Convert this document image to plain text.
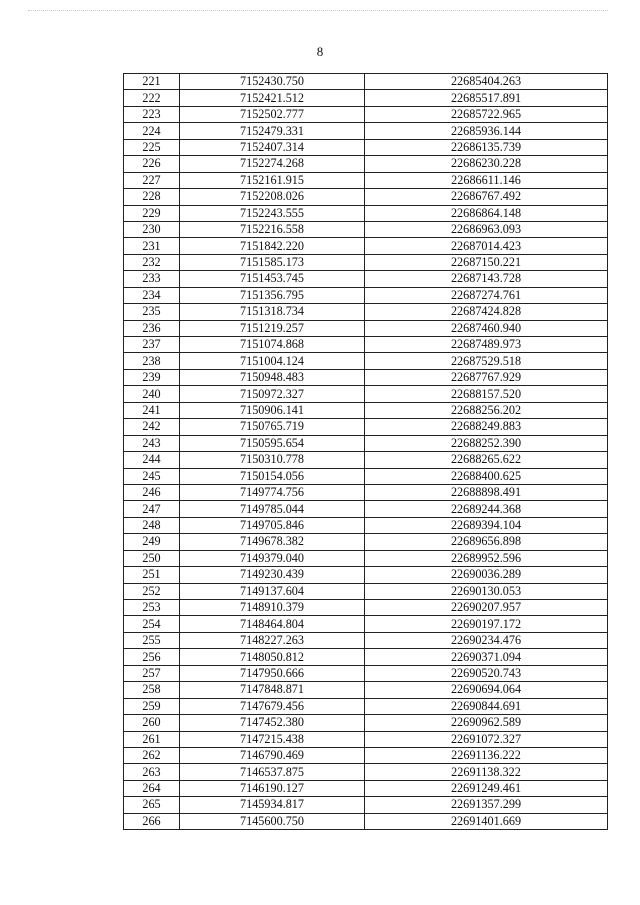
8
221	7152430.750	22685404.263
222	7152421.512	22685517.891
223	7152502.777	22685722.965
224	7152479.331	22685936.144
225	7152407.314	22686135.739
226	7152274.268	22686230.228
227	7152161.915	22686611.146
228	7152208.026	22686767.492
229	7152243.555	22686864.148
230	7152216.558	22686963.093
231	7151842.220	22687014.423
232	7151585.173	22687150.221
233	7151453.745	22687143.728
234	7151356.795	22687274.761
235	7151318.734	22687424.828
236	7151219.257	22687460.940
237	7151074.868	22687489.973
238	7151004.124	22687529.518
239	7150948.483	22687767.929
240	7150972.327	22688157.520
241	7150906.141	22688256.202
242	7150765.719	22688249.883
243	7150595.654	22688252.390
244	7150310.778	22688265.622
245	7150154.056	22688400.625
246	7149774.756	22688898.491
247	7149785.044	22689244.368
248	7149705.846	22689394.104
249	7149678.382	22689656.898
250	7149379.040	22689952.596
251	7149230.439	22690036.289
252	7149137.604	22690130.053
253	7148910.379	22690207.957
254	7148464.804	22690197.172
255	7148227.263	22690234.476
256	7148050.812	22690371.094
257	7147950.666	22690520.743
258	7147848.871	22690694.064
259	7147679.456	22690844.691
260	7147452.380	22690962.589
261	7147215.438	22691072.327
262	7146790.469	22691136.222
263	7146537.875	22691138.322
264	7146190.127	22691249.461
265	7145934.817	22691357.299
266	7145600.750	22691401.669
